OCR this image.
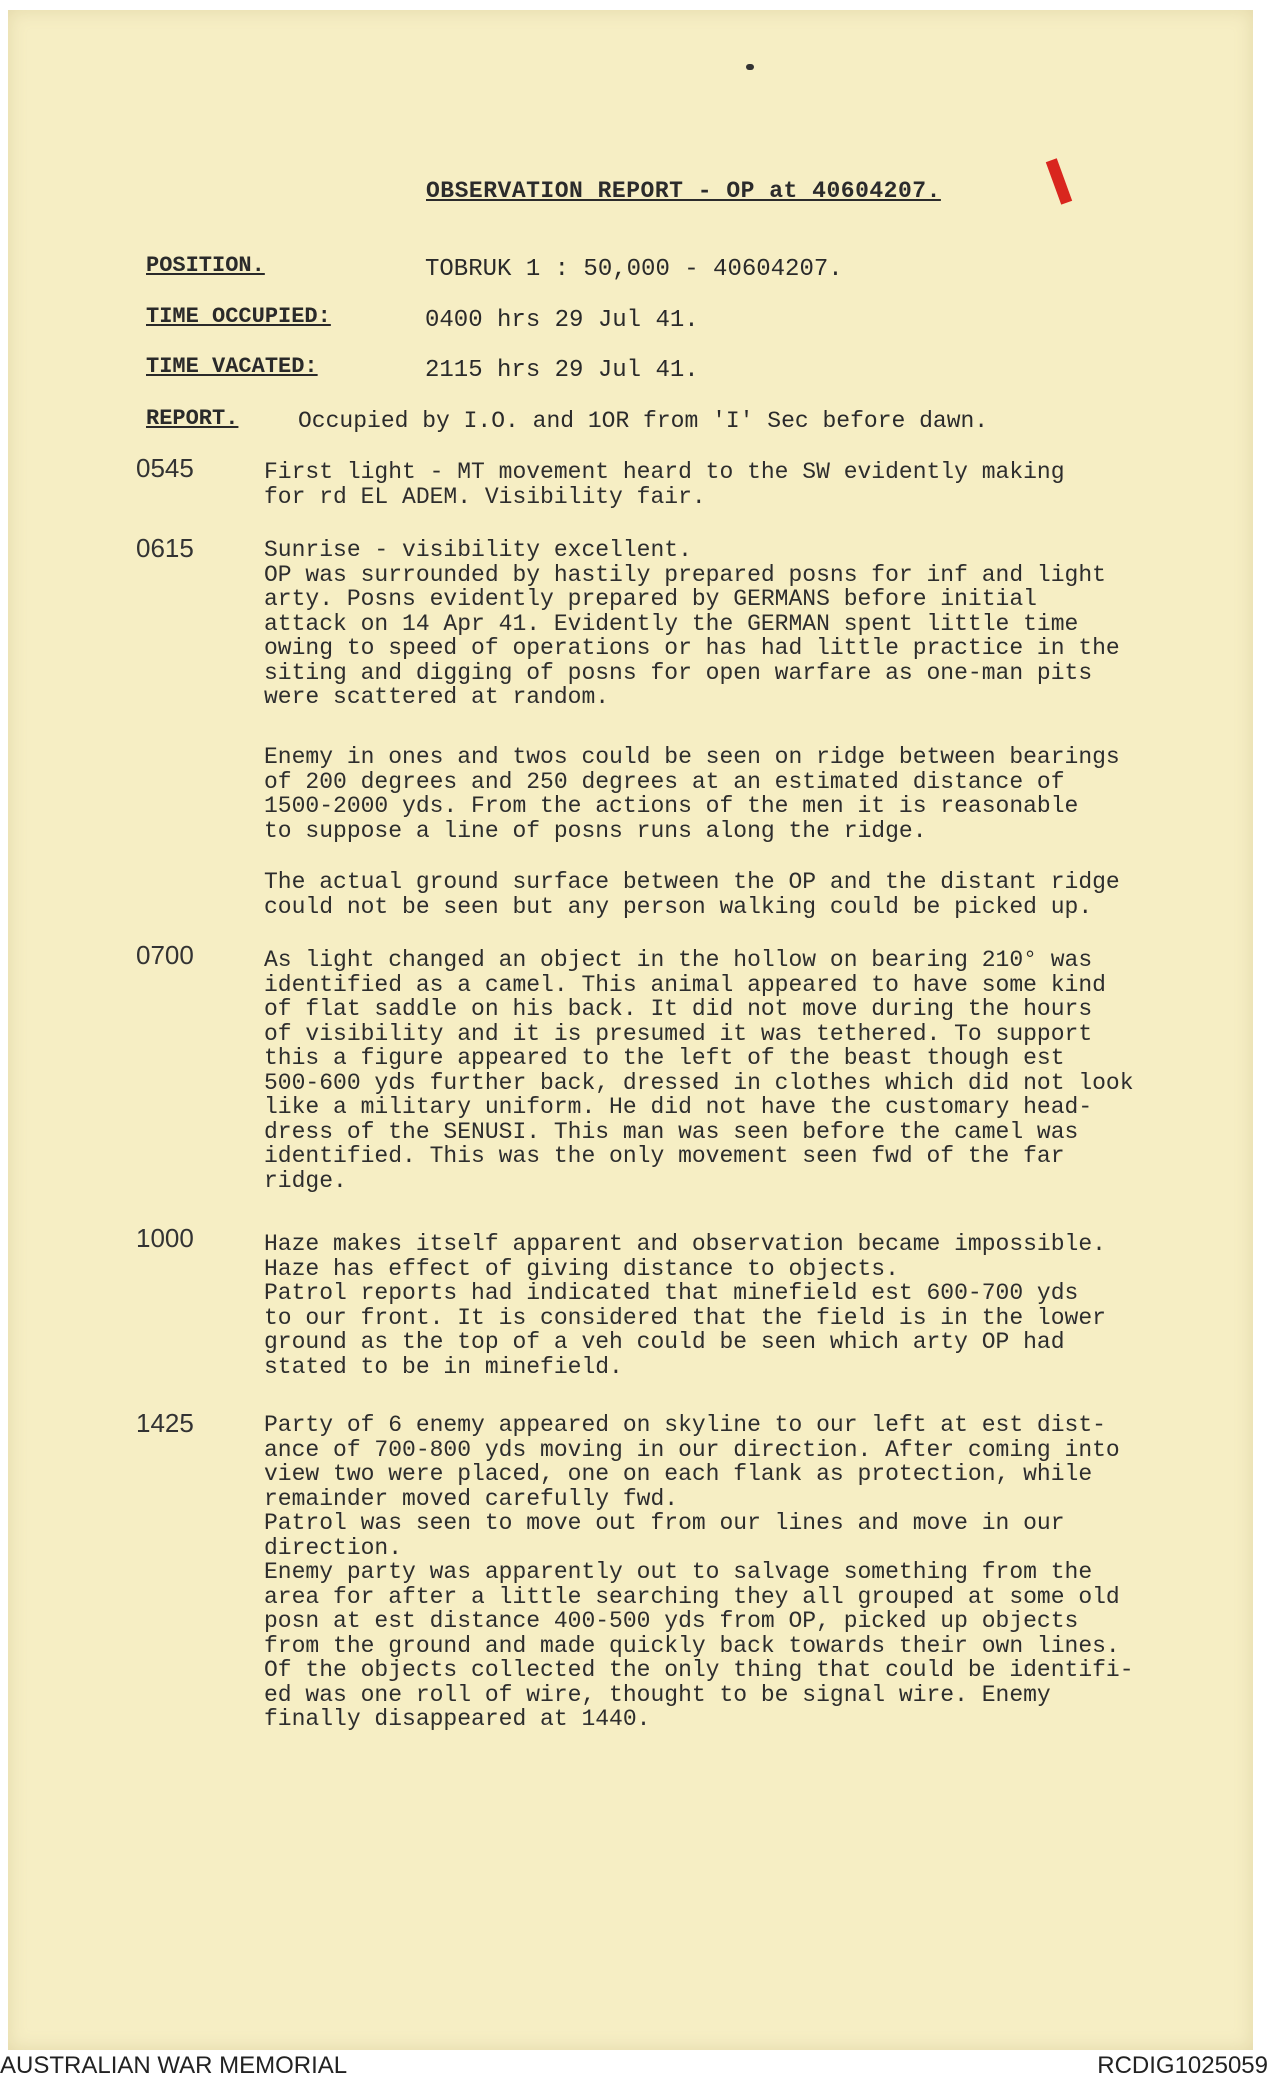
OBSERVATION REPORT - OP at 40604207. I
POSITION.	TOBRUK 1 : 50,000 - 40604207.
TIME OCCUPIED:	0400 hrs 29 Jul 41.
TIME VACATED:	2115 hrs 29 Jul 41.
REPORT.	Occupied by I.O. and 1OR from 'I' Sec before dawn.
0545	First light - MT movement heard to the SW evidently making
for rd EL ADEM. Visibility fair.
0615	Sunrise - visibility excellent.
OP was surrounded by hastily prepared posns for inf and light
arty. Posns evidently prepared by GERMANS before initial
attack on 14 Apr 41. Evidently the GERMAN spent little time
owing to speed of operations or has had little practice in the
siting and digging of posns for open warfare as one-man pits
were scattered at random.
Enemy in ones and twos could be seen on ridge between bearings
of 200 degrees and 250 degrees at an estimated distance of
1500-2000 yds. From the actions of the men it is reasonable
to suppose a line of posns runs along the ridge.
The actual ground surface between the OP and the distant ridge
could not be seen but any person walking could be picked up.
0700	As light changed an object in the hollow on bearing 210° was
identified as a camel. This animal appeared to have some kind
of flat saddle on his back. It did not move during the hours
of visibility and it is presumed it was tethered. To support
this a figure appeared to the left of the beast though est
500-600 yds further back, dressed in clothes which did not look
like a military uniform. He did not have the customary head-
dress of the SENUSI. This man was seen before the camel was
identified. This was the only movement seen fwd of the far
ridge.
1000	Haze makes itself apparent and observation became impossible.
Haze has effect of giving distance to objects.
Patrol reports had indicated that minefield est 600-700 yds
to our front. It is considered that the field is in the lower
ground as the top of a veh could be seen which arty OP had
stated to be in minefield.
1425	Party of 6 enemy appeared on skyline to our left at est dist-
ance of 700-800 yds moving in our direction. After coming into
view two were placed, one on each flank as protection, while
remainder moved carefully fwd.
Patrol was seen to move out from our lines and move in our
direction.
Enemy party was apparently out to salvage something from the
area for after a little searching they all grouped at some old
posn at est distance 400-500 yds from OP, picked up objects
from the ground and made quickly back towards their own lines.
Of the objects collected the only thing that could be identifi-
ed was one roll of wire, thought to be signal wire. Enemy
finally disappeared at 1440.
AUSTRALIAN WAR MEMORIAL	RCDIG1025059
